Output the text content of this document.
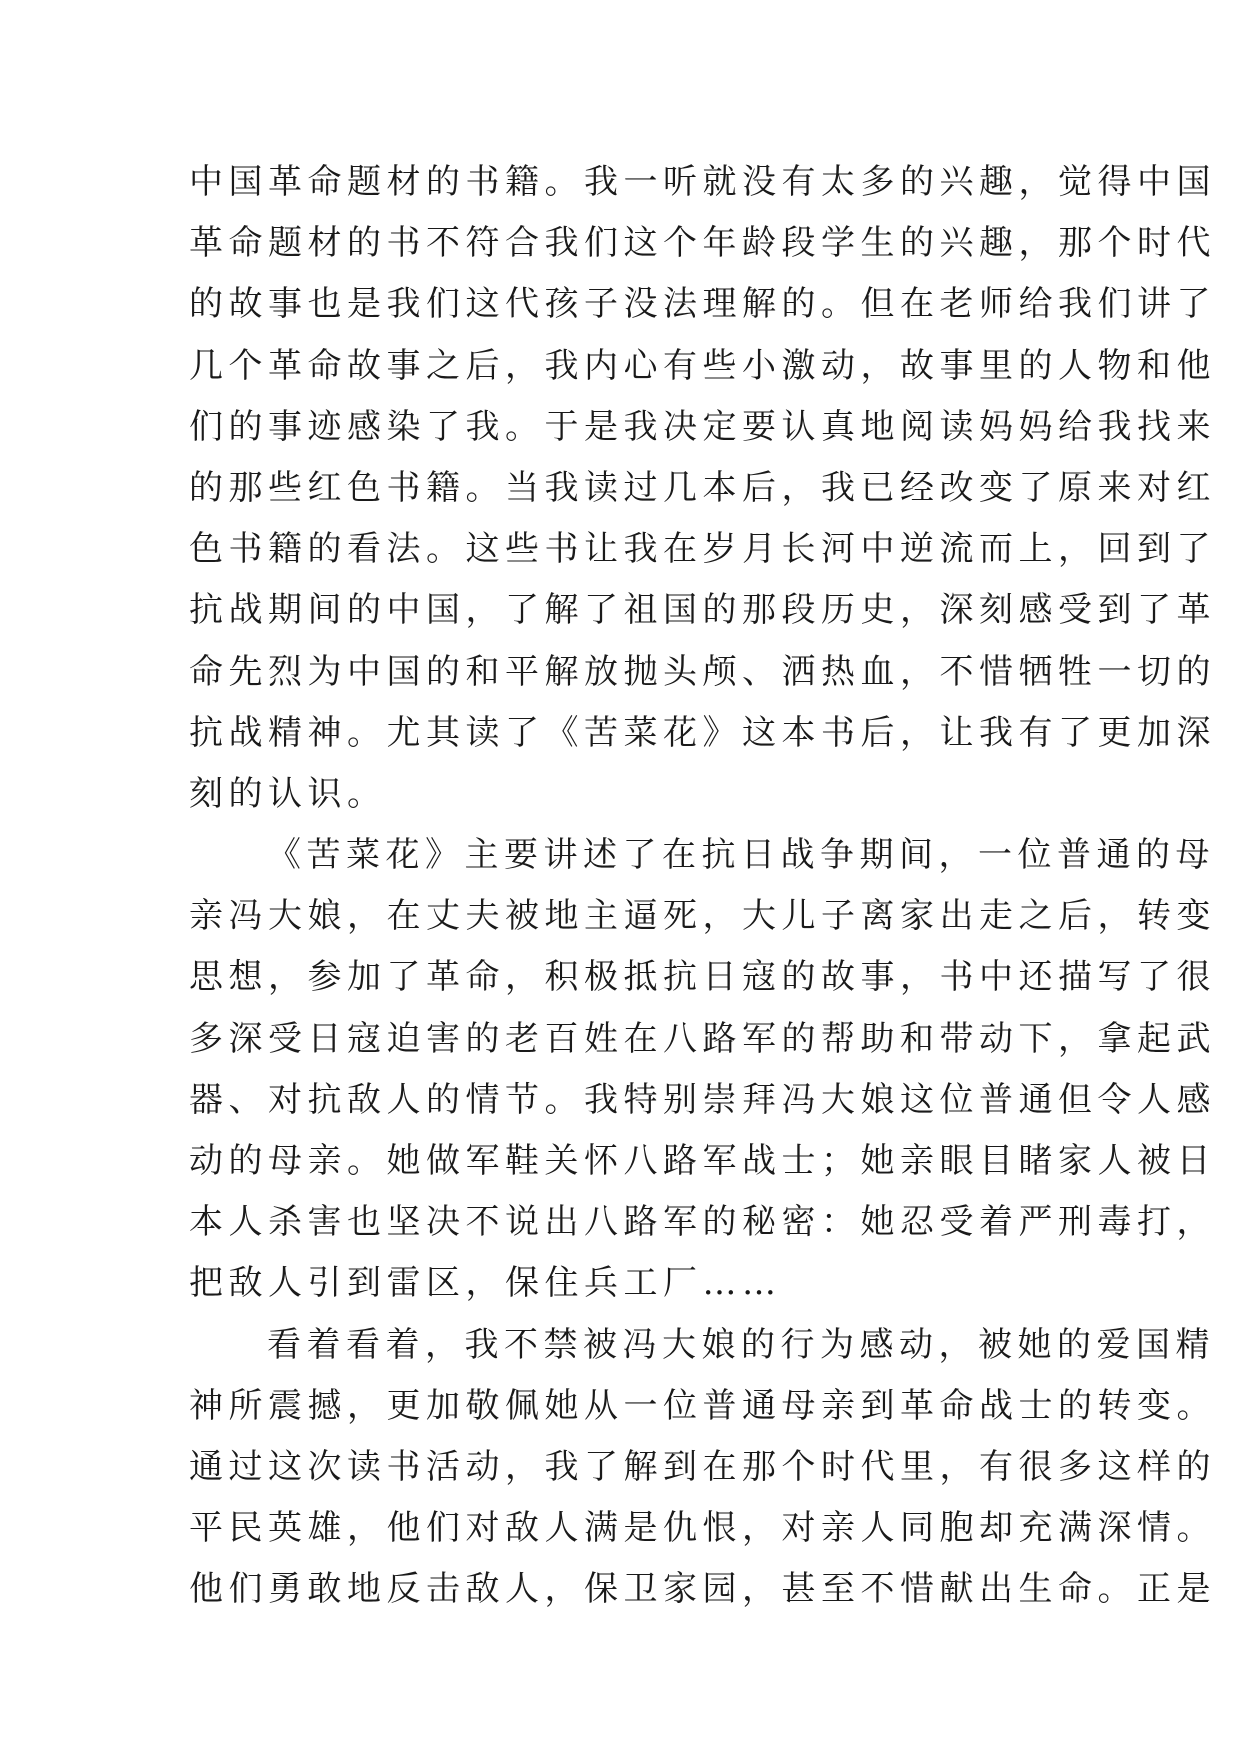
中国革命题材的书籍。我一听就没有太多的兴趣，觉得中国
革命题材的书不符合我们这个年龄段学生的兴趣，那个时代
的故事也是我们这代孩子没法理解的。但在老师给我们讲了
几个革命故事之后，我内心有些小激动，故事里的人物和他
们的事迹感染了我。于是我决定要认真地阅读妈妈给我找来
的那些红色书籍。当我读过几本后，我已经改变了原来对红
色书籍的看法。这些书让我在岁月长河中逆流而上，回到了
抗战期间的中国，了解了祖国的那段历史，深刻感受到了革
命先烈为中国的和平解放抛头颅、洒热血，不惜牺牲一切的
抗战精神。尤其读了《苦菜花》这本书后，让我有了更加深
刻的认识。
《苦菜花》主要讲述了在抗日战争期间，一位普通的母
亲冯大娘，在丈夫被地主逼死，大儿子离家出走之后，转变
思想，参加了革命，积极抵抗日寇的故事，书中还描写了很
多深受日寇迫害的老百姓在八路军的帮助和带动下，拿起武
器、对抗敌人的情节。我特别崇拜冯大娘这位普通但令人感
动的母亲。她做军鞋关怀八路军战士；她亲眼目睹家人被日
本人杀害也坚决不说出八路军的秘密：她忍受着严刑毒打，
把敌人引到雷区，保住兵工厂……
看着看着，我不禁被冯大娘的行为感动，被她的爱国精
神所震撼，更加敬佩她从一位普通母亲到革命战士的转变。
通过这次读书活动，我了解到在那个时代里，有很多这样的
平民英雄，他们对敌人满是仇恨，对亲人同胞却充满深情。
他们勇敢地反击敌人，保卫家园，甚至不惜献出生命。正是
